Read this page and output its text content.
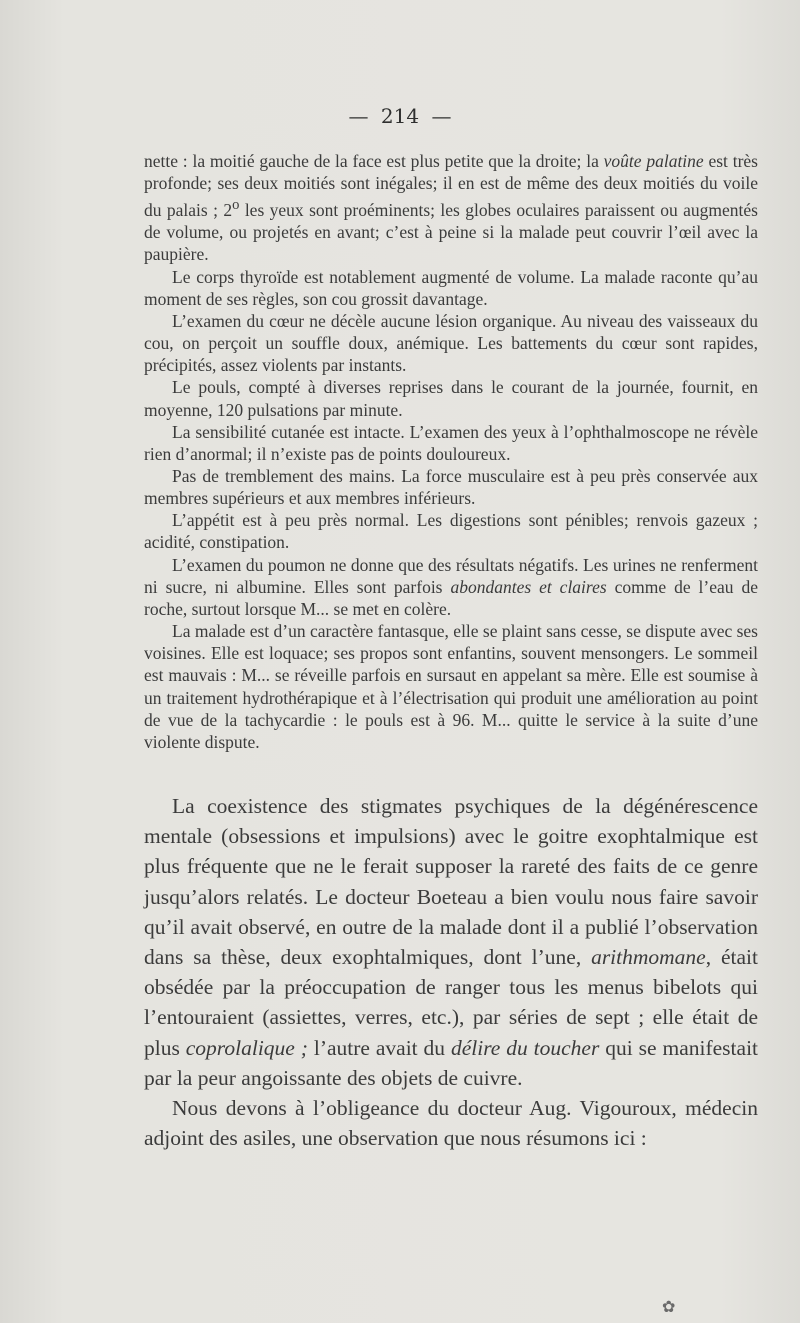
— 214 —

nette : la moitié gauche de la face est plus petite que la droite; la voûte palatine est très profonde; ses deux moitiés sont inégales; il en est de même des deux moitiés du voile du palais ; 2$^o$ les yeux sont proéminents; les globes oculaires paraissent ou augmentés de volume, ou projetés en avant; c’est à peine si la malade peut couvrir l’œil avec la paupière.

Le corps thyroïde est notablement augmenté de volume. La malade raconte qu’au moment de ses règles, son cou grossit davantage.

L’examen du cœur ne décèle aucune lésion organique. Au niveau des vaisseaux du cou, on perçoit un souffle doux, anémique. Les battements du cœur sont rapides, précipités, assez violents par instants.

Le pouls, compté à diverses reprises dans le courant de la journée, fournit, en moyenne, 120 pulsations par minute.

La sensibilité cutanée est intacte. L’examen des yeux à l’ophthalmoscope ne révèle rien d’anormal; il n’existe pas de points douloureux.

Pas de tremblement des mains. La force musculaire est à peu près conservée aux membres supérieurs et aux membres inférieurs.

L’appétit est à peu près normal. Les digestions sont pénibles; renvois gazeux ; acidité, constipation.

L’examen du poumon ne donne que des résultats négatifs. Les urines ne renferment ni sucre, ni albumine. Elles sont parfois abondantes et claires comme de l’eau de roche, surtout lorsque M... se met en colère.

La malade est d’un caractère fantasque, elle se plaint sans cesse, se dispute avec ses voisines. Elle est loquace; ses propos sont enfantins, souvent mensongers. Le sommeil est mauvais : M... se réveille parfois en sursaut en appelant sa mère. Elle est soumise à un traitement hydrothérapique et à l’électrisation qui produit une amélioration au point de vue de la tachycardie : le pouls est à 96. M... quitte le service à la suite d’une violente dispute.

La coexistence des stigmates psychiques de la dégénérescence mentale (obsessions et impulsions) avec le goitre exophtalmique est plus fréquente que ne le ferait supposer la rareté des faits de ce genre jusqu’alors relatés. Le docteur Boeteau a bien voulu nous faire savoir qu’il avait observé, en outre de la malade dont il a publié l’observation dans sa thèse, deux exophtalmiques, dont l’une, arithmomane, était obsédée par la préoccupation de ranger tous les menus bibelots qui l’entouraient (assiettes, verres, etc.), par séries de sept ; elle était de plus coprolalique ; l’autre avait du délire du toucher qui se manifestait par la peur angoissante des objets de cuivre.

Nous devons à l’obligeance du docteur Aug. Vigouroux, médecin adjoint des asiles, une observation que nous résumons ici :

✿
